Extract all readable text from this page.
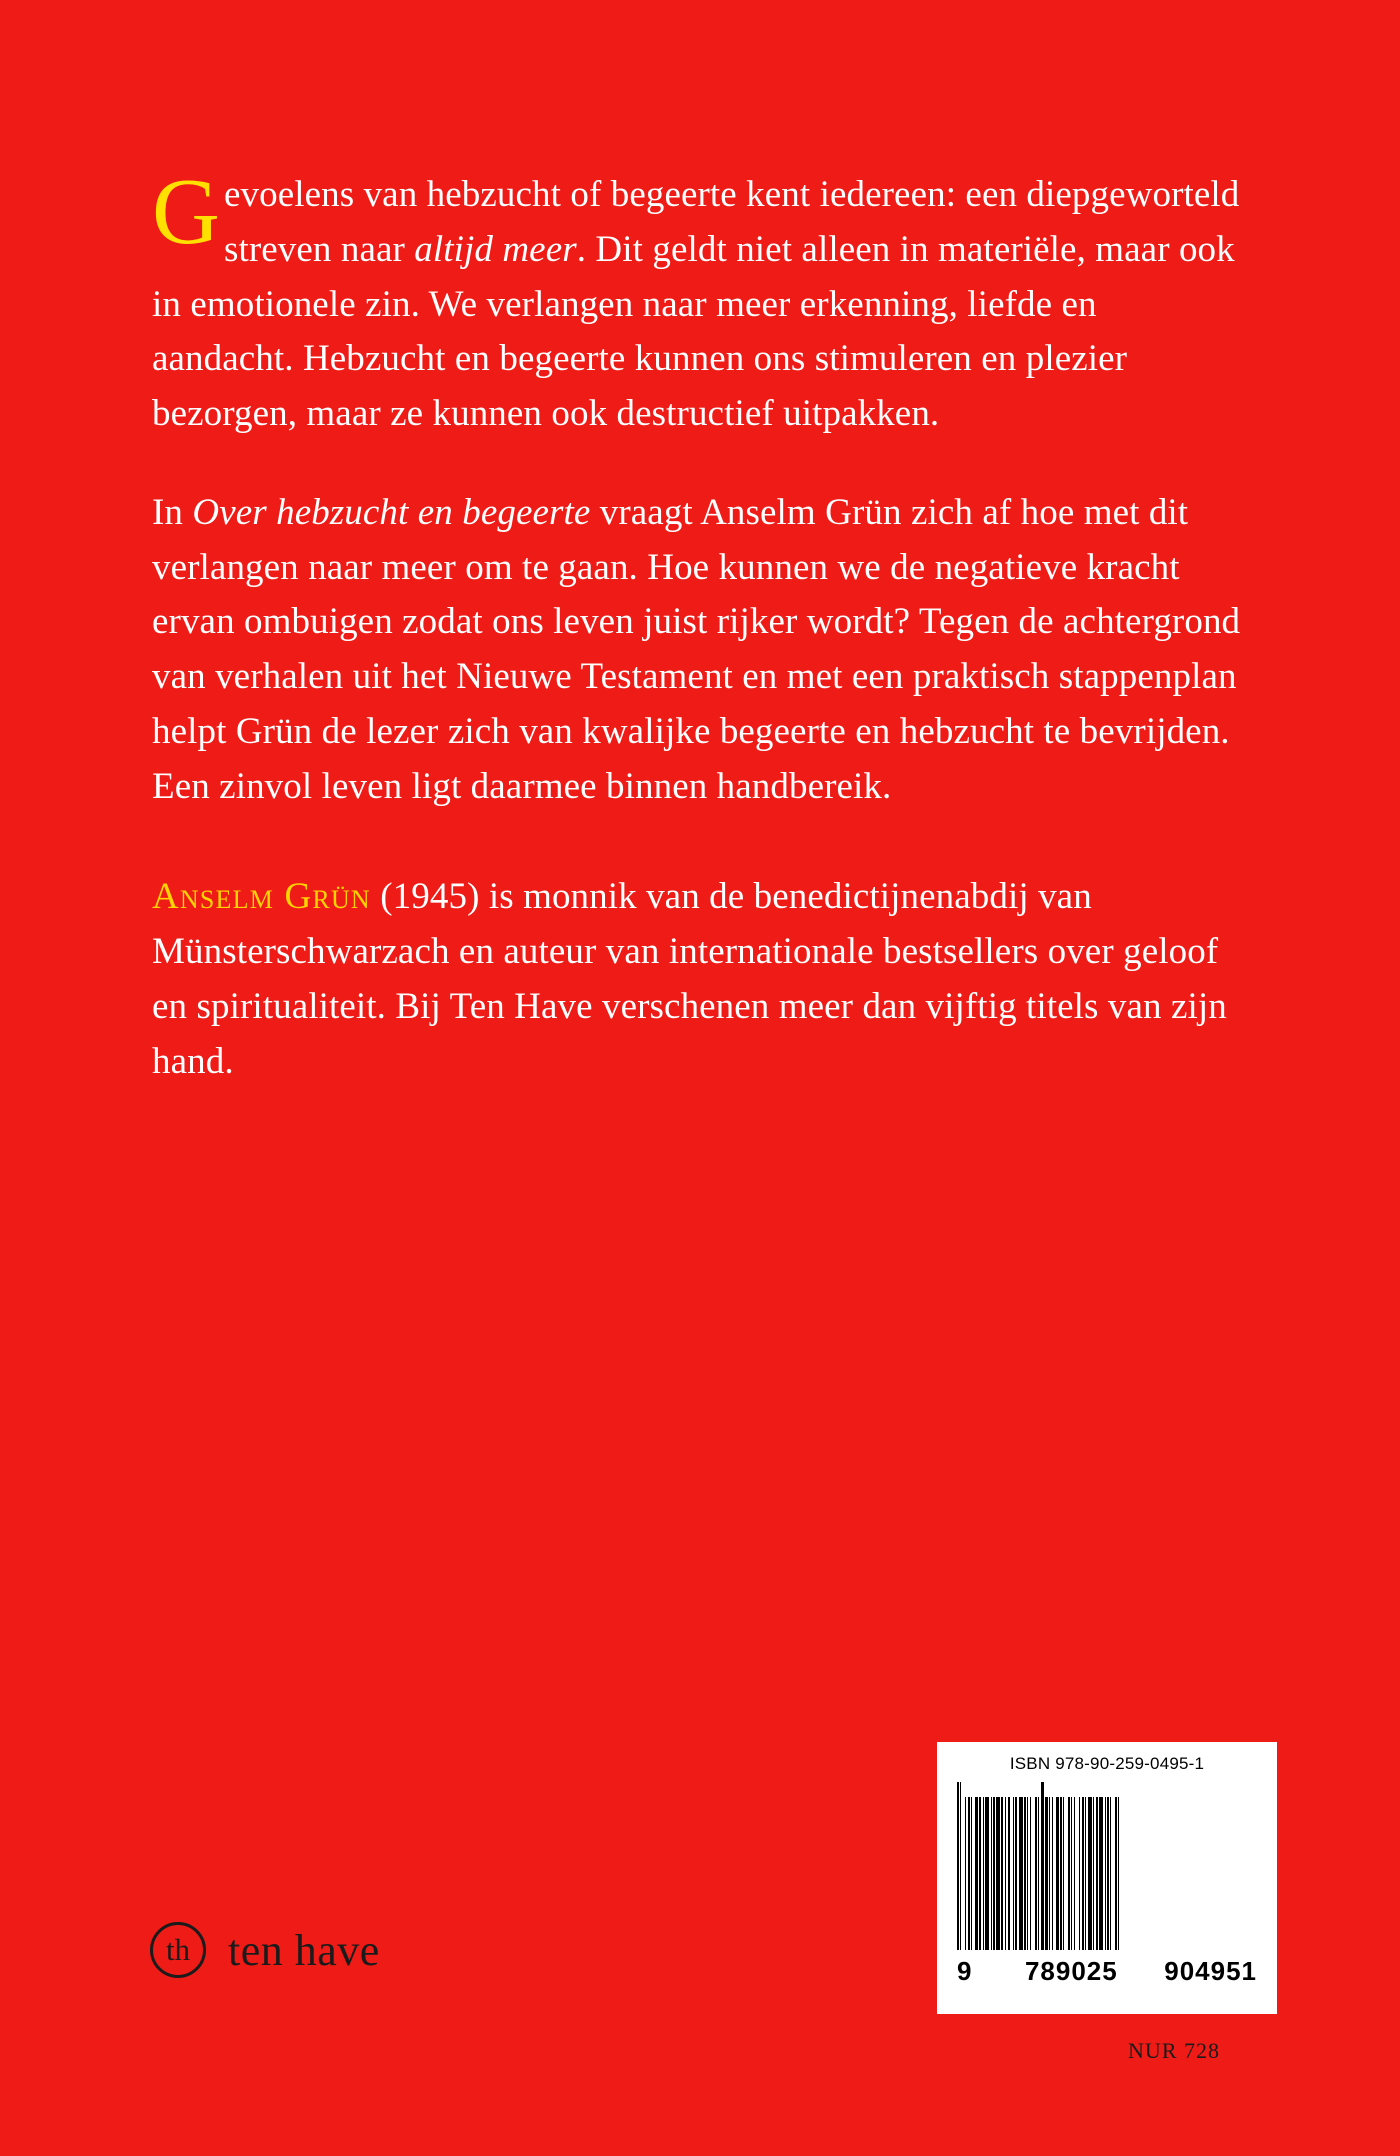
Gevoelens van hebzucht of begeerte kent iedereen: een diepgeworteld streven naar altijd meer. Dit geldt niet alleen in materiële, maar ook in emotionele zin. We verlangen naar meer erkenning, liefde en aandacht. Hebzucht en begeerte kunnen ons stimuleren en plezier bezorgen, maar ze kunnen ook destructief uitpakken.

In Over hebzucht en begeerte vraagt Anselm Grün zich af hoe met dit verlangen naar meer om te gaan. Hoe kunnen we de negatieve kracht ervan ombuigen zodat ons leven juist rijker wordt? Tegen de achtergrond van verhalen uit het Nieuwe Testament en met een praktisch stappenplan helpt Grün de lezer zich van kwalijke begeerte en hebzucht te bevrijden. Een zinvol leven ligt daarmee binnen handbereik.

Anselm Grün (1945) is monnik van de benedictijnenabdij van Münsterschwarzach en auteur van internationale bestsellers over geloof en spiritualiteit. Bij Ten Have verschenen meer dan vijftig titels van zijn hand.

th ten have
ISBN 978-90-259-0495-1
9 789025 904951
NUR 728
